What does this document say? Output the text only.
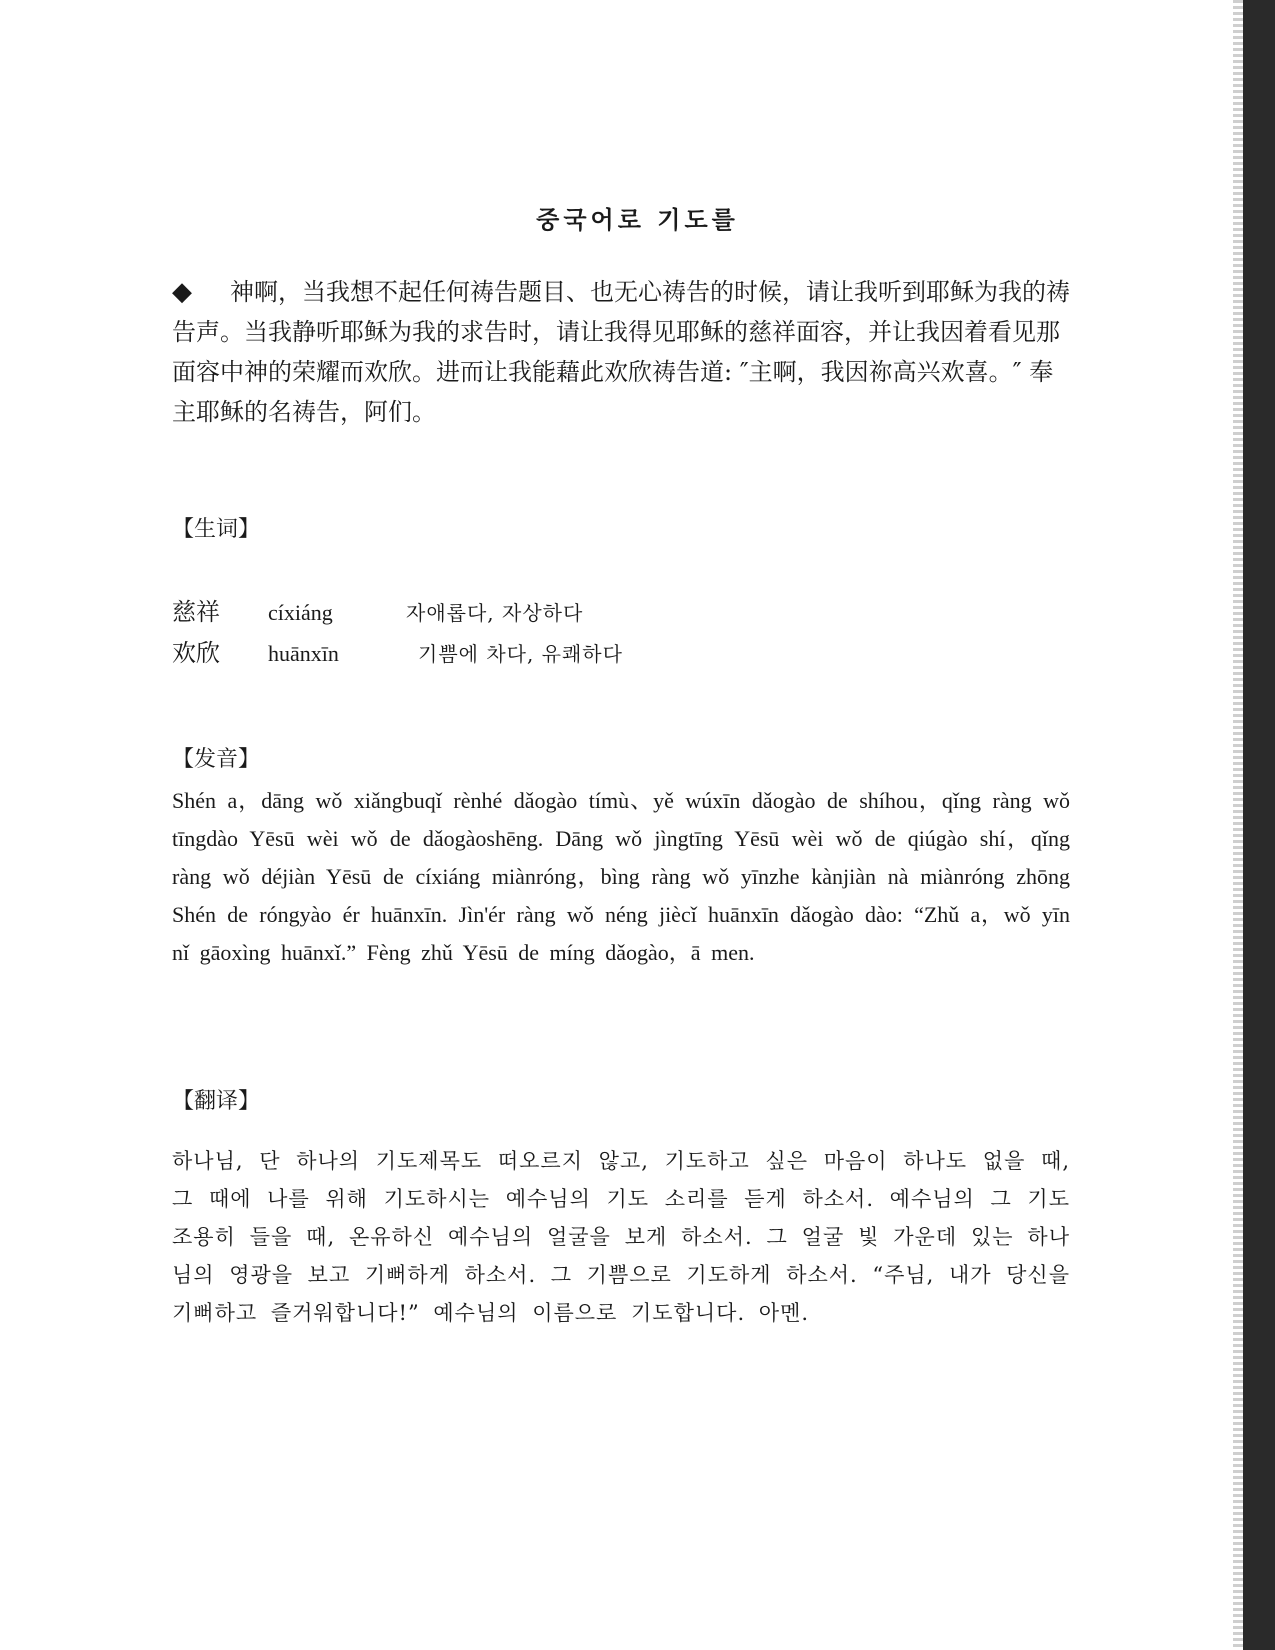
중국어로 기도를
◆ 神啊，当我想不起任何祷告题目、也无心祷告的时候，请让我听到耶稣为我的祷告声。当我静听耶稣为我的求告时，请让我得见耶稣的慈祥面容，并让我因着看见那面容中神的荣耀而欢欣。进而让我能藉此欢欣祷告道: ″主啊，我因祢高兴欢喜。″ 奉主耶稣的名祷告，阿们。
【生词】
慈祥	cíxiáng	자애롭다, 자상하다
欢欣	huānxīn	기쁨에 차다, 유쾌하다
【发音】
Shén a，dāng wǒ xiǎngbuqǐ rènhé dǎogào tímù、yě wúxīn dǎogào de shíhou，qǐng ràng wǒ tīngdào Yēsū wèi wǒ de dǎogàoshēng. Dāng wǒ jìngtīng Yēsū wèi wǒ de qiúgào shí，qǐng ràng wǒ déjiàn Yēsū de cíxiáng miànróng，bìng ràng wǒ yīnzhe kànjiàn nà miànróng zhōng Shén de róngyào ér huānxīn. Jìn'ér ràng wǒ néng jiècǐ huānxīn dǎogào dào: “Zhǔ a，wǒ yīn nǐ gāoxìng huānxǐ.” Fèng zhǔ Yēsū de míng dǎogào，ā men.
【翻译】
하나님, 단 하나의 기도제목도 떠오르지 않고, 기도하고 싶은 마음이 하나도 없을 때, 그 때에 나를 위해 기도하시는 예수님의 기도 소리를 듣게 하소서. 예수님의 그 기도 조용히 들을 때, 온유하신 예수님의 얼굴을 보게 하소서. 그 얼굴 빛 가운데 있는 하나님의 영광을 보고 기뻐하게 하소서. 그 기쁨으로 기도하게 하소서. “주님, 내가 당신을 기뻐하고 즐거워합니다!” 예수님의 이름으로 기도합니다. 아멘.
